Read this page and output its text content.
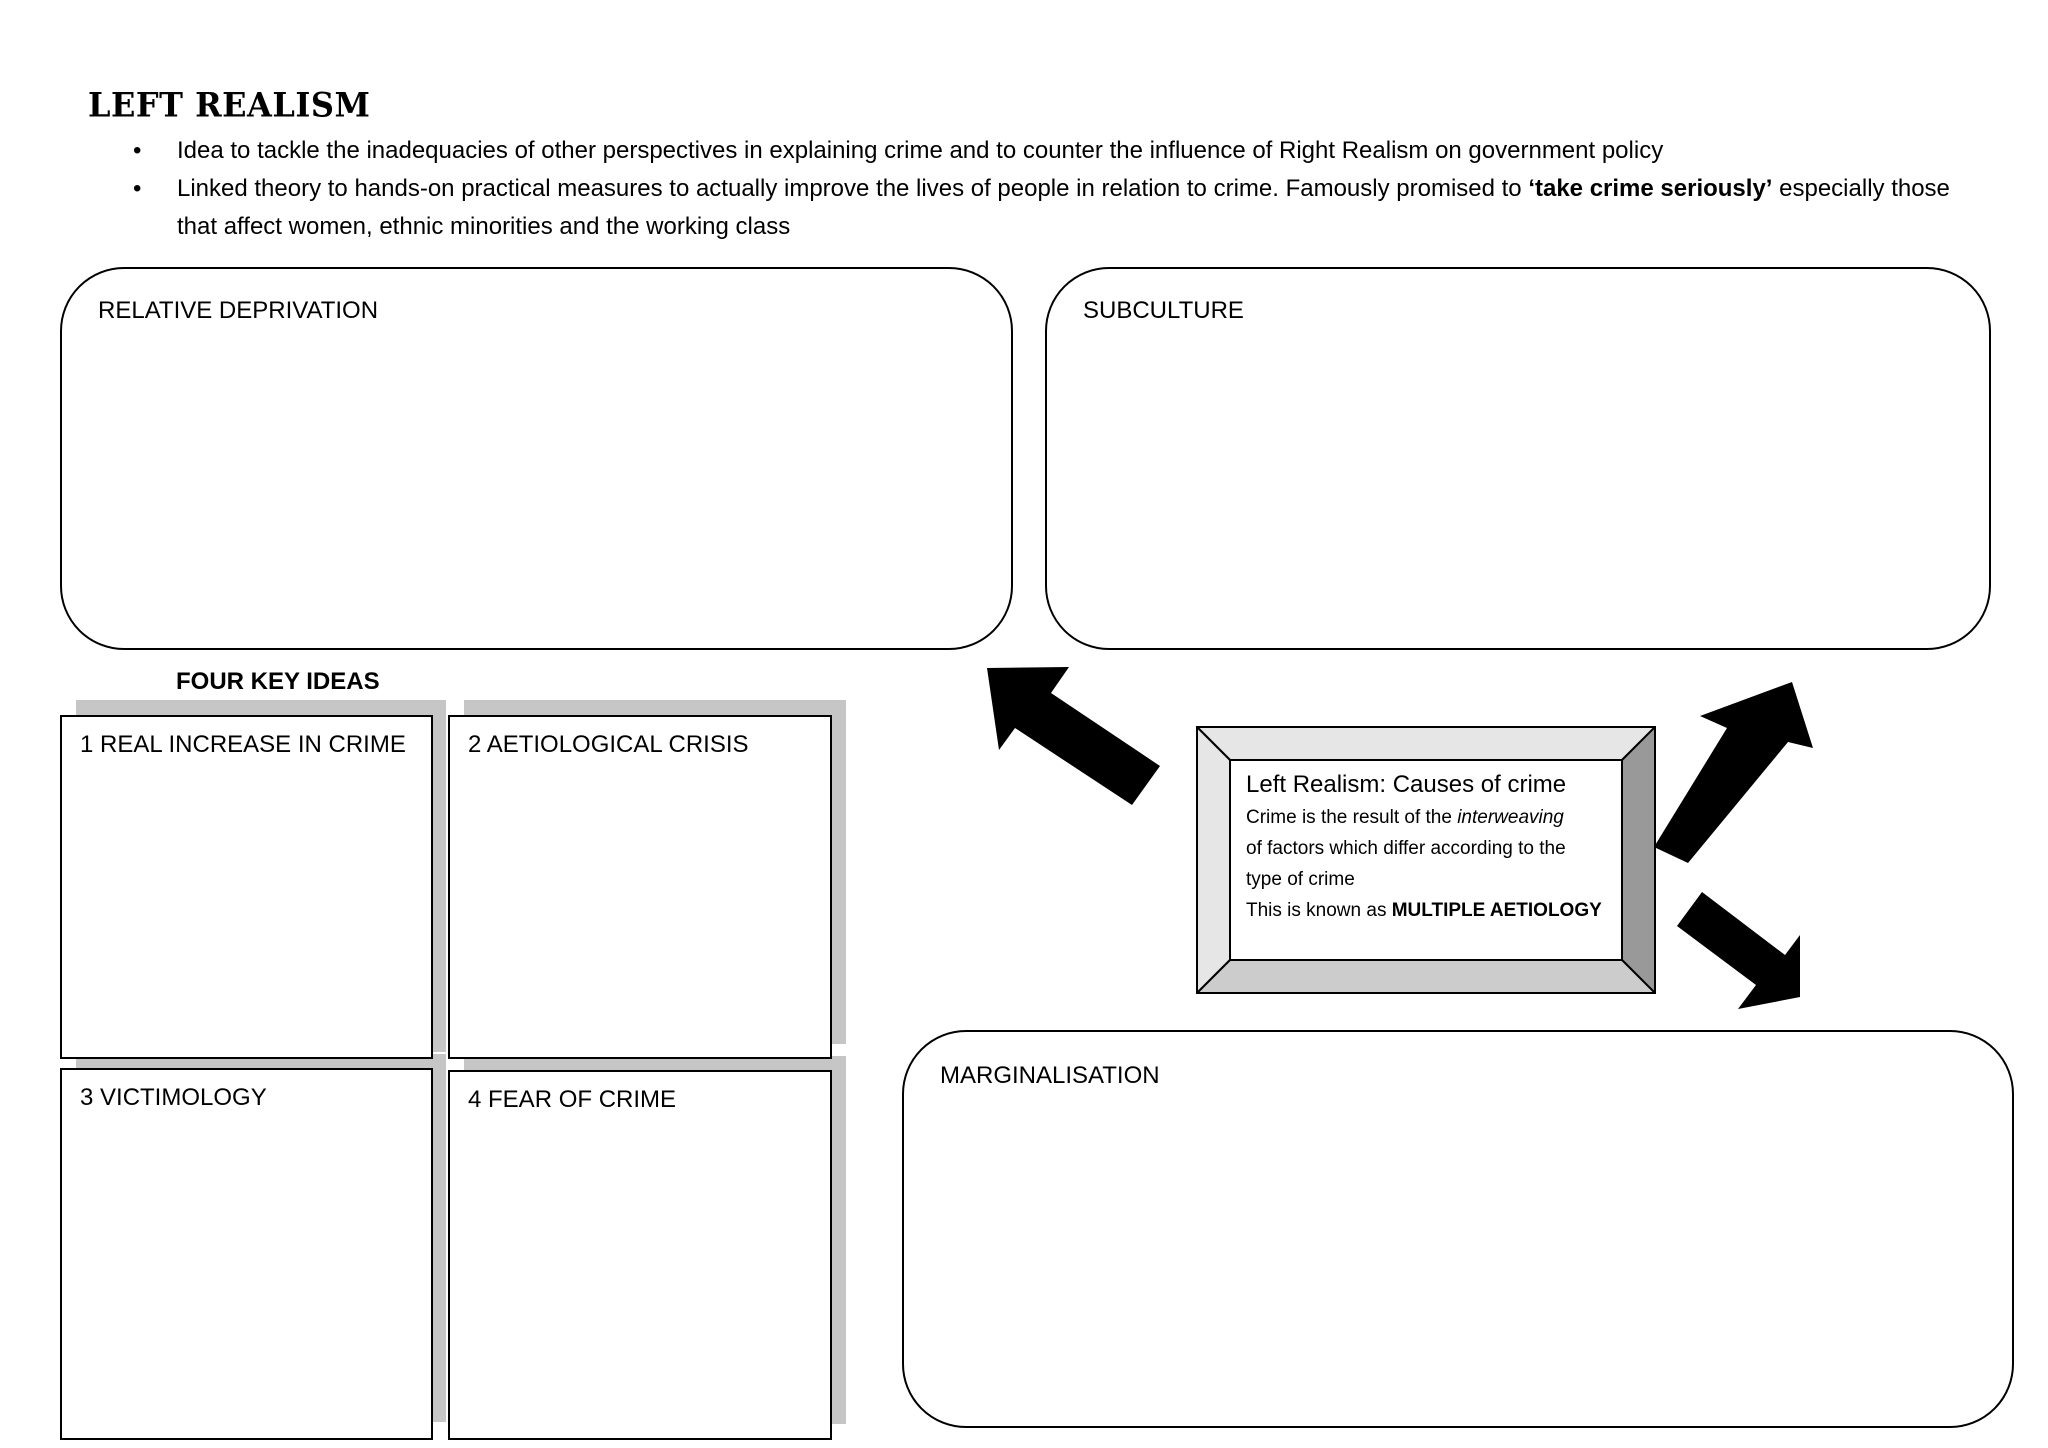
LEFT REALISM
• Idea to tackle the inadequacies of other perspectives in explaining crime and to counter the influence of Right Realism on government policy
• Linked theory to hands-on practical measures to actually improve the lives of people in relation to crime. Famously promised to ‘take crime seriously’ especially those that affect women, ethnic minorities and the working class
RELATIVE DEPRIVATION	SUBCULTURE
MARGINALISATION
FOUR KEY IDEAS
1 REAL INCREASE IN CRIME	2 AETIOLOGICAL CRISIS
3 VICTIMOLOGY	4 FEAR OF CRIME
Left Realism: Causes of crime
Crime is the result of the interweaving
of factors which differ according to the
type of crime
This is known as MULTIPLE AETIOLOGY
